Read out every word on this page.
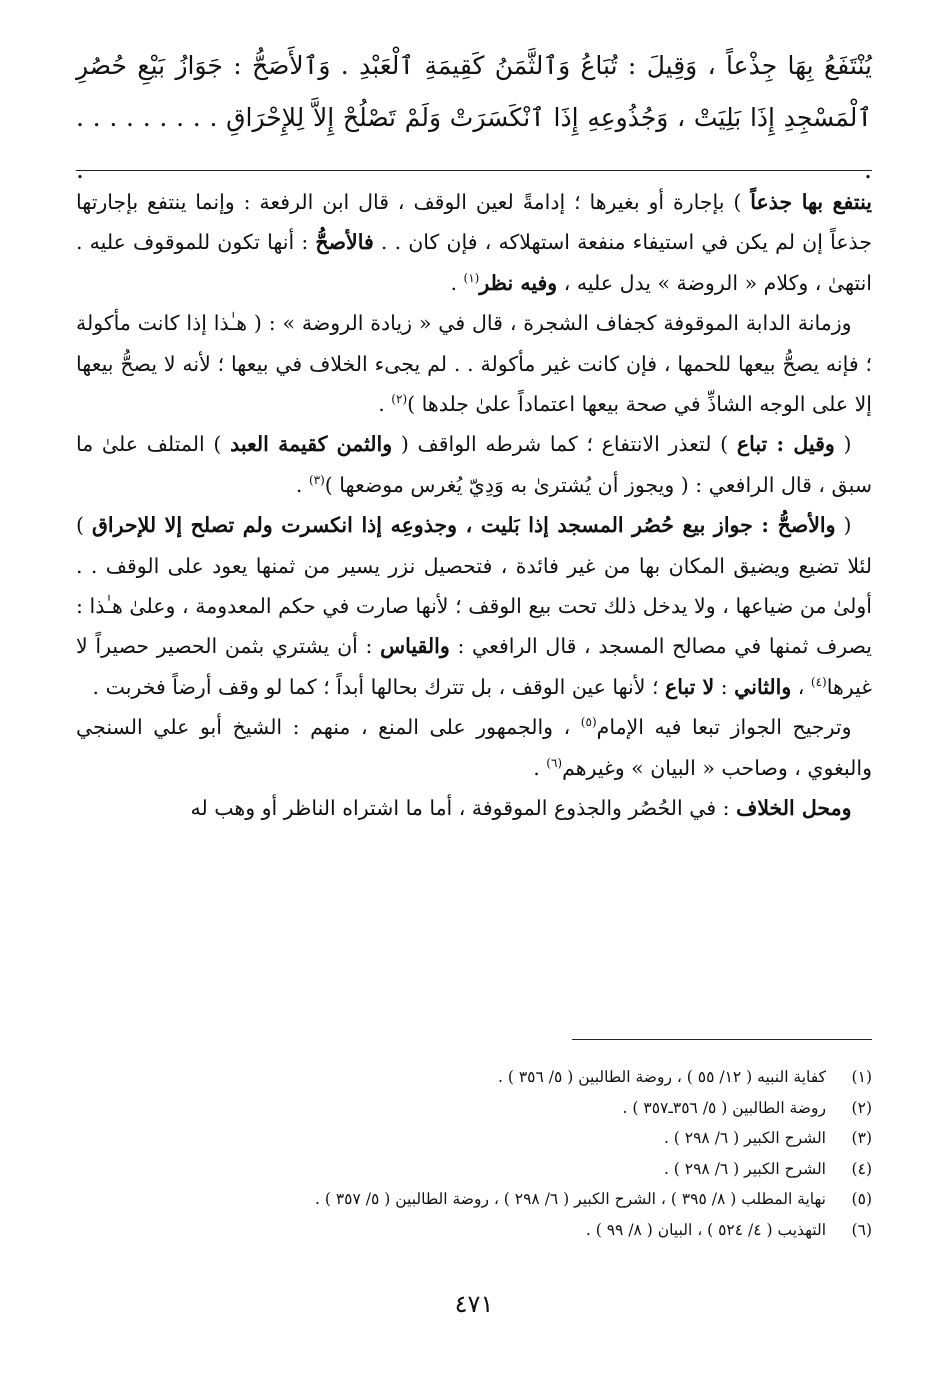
يُنْتَفَعُ بِهَا جِذْعاً ، وَقِيلَ : تُبَاعُ وَٱلثَّمَنُ كَقِيمَةِ ٱلْعَبْدِ . وَٱلأَصَحُّ : جَوَازُ بَيْعِ حُصُرِ

ٱلْمَسْجِدِ إِذَا بَلِيَتْ ، وَجُذُوعِهِ إِذَا ٱنْكَسَرَتْ وَلَمْ تَصْلُحْ إِلاَّ لِلإِحْرَاقِ . . . . . . . . . . .

ينتفع بها جذعاً ) بإجارة أو بغيرها ؛ إدامةً لعين الوقف ، قال ابن الرفعة : وإنما ينتفع بإجارتها جذعاً إن لم يكن في استيفاء منفعة استهلاكه ، فإن كان . . فالأصحُّ : أنها تكون للموقوف عليه . انتهىٰ ، وكلام « الروضة » يدل عليه ، وفيه نظر$^{(١)}$ .

 وزمانة الدابة الموقوفة كجفاف الشجرة ، قال في « زيادة الروضة » : ( هـٰذا إذا كانت مأكولة ؛ فإنه يصحُّ بيعها للحمها ، فإن كانت غير مأكولة . . لم يجىء الخلاف في بيعها ؛ لأنه لا يصحُّ بيعها إلا على الوجه الشاذِّ في صحة بيعها اعتماداً علىٰ جلدها )$^{(٢)}$ .

 ( وقيل : تباع ) لتعذر الانتفاع ؛ كما شرطه الواقف ( والثمن كقيمة العبد ) المتلف علىٰ ما سبق ، قال الرافعي : ( ويجوز أن يُشترىٰ به وَدِيّ يُغرس موضعها )$^{(٣)}$ .

 ( والأصحُّ : جواز بيع حُصُر المسجد إذا بَليت ، وجذوعِه إذا انكسرت ولم تصلح إلا للإحراق ) لئلا تضيع ويضيق المكان بها من غير فائدة ، فتحصيل نزر يسير من ثمنها يعود على الوقف . . أولىٰ من ضياعها ، ولا يدخل ذلك تحت بيع الوقف ؛ لأنها صارت في حكم المعدومة ، وعلىٰ هـٰذا : يصرف ثمنها في مصالح المسجد ، قال الرافعي : والقياس : أن يشتري بثمن الحصير حصيراً لا غيرها$^{(٤)}$ ، والثاني : لا تباع ؛ لأنها عين الوقف ، بل تترك بحالها أبداً ؛ كما لو وقف أرضاً فخربت .

 وترجيح الجواز تبعا فيه الإمام$^{(٥)}$ ، والجمهور على المنع ، منهم : الشيخ أبو علي السنجي والبغوي ، وصاحب « البيان » وغيرهم$^{(٦)}$ .

 ومحل الخلاف : في الحُصُر والجذوع الموقوفة ، أما ما اشتراه الناظر أو وهب له

(١)
كفاية النبيه ( ١٢/ ٥٥ ) ، روضة الطالبين ( ٥/ ٣٥٦ ) .
(٢)
روضة الطالبين ( ٥/ ٣٥٦ـ٣٥٧ ) .
(٣)
الشرح الكبير ( ٦/ ٢٩٨ ) .
(٤)
الشرح الكبير ( ٦/ ٢٩٨ ) .
(٥)
نهاية المطلب ( ٨/ ٣٩٥ ) ، الشرح الكبير ( ٦/ ٢٩٨ ) ، روضة الطالبين ( ٥/ ٣٥٧ ) .
(٦)
التهذيب ( ٤/ ٥٢٤ ) ، البيان ( ٨/ ٩٩ ) .
٤٧١
